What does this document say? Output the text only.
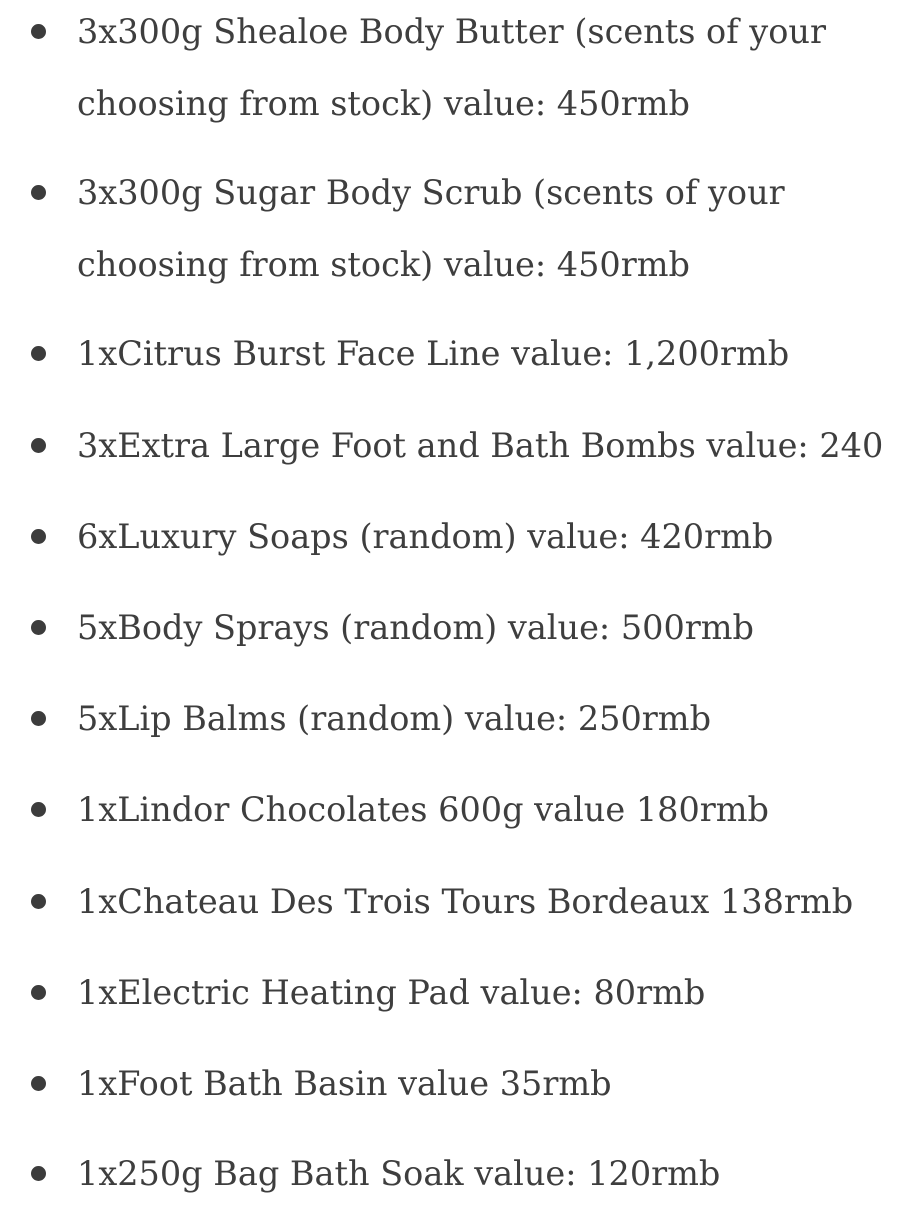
3x300g Shealoe Body Butter (scents of your choosing from stock) value: 450rmb
3x300g Sugar Body Scrub (scents of your choosing from stock) value: 450rmb
1xCitrus Burst Face Line value: 1,200rmb
3xExtra Large Foot and Bath Bombs value: 240
6xLuxury Soaps (random) value: 420rmb
5xBody Sprays (random) value: 500rmb
5xLip Balms (random) value: 250rmb
1xLindor Chocolates 600g value 180rmb
1xChateau Des Trois Tours Bordeaux 138rmb
1xElectric Heating Pad value: 80rmb
1xFoot Bath Basin value 35rmb
1x250g Bag Bath Soak value: 120rmb
